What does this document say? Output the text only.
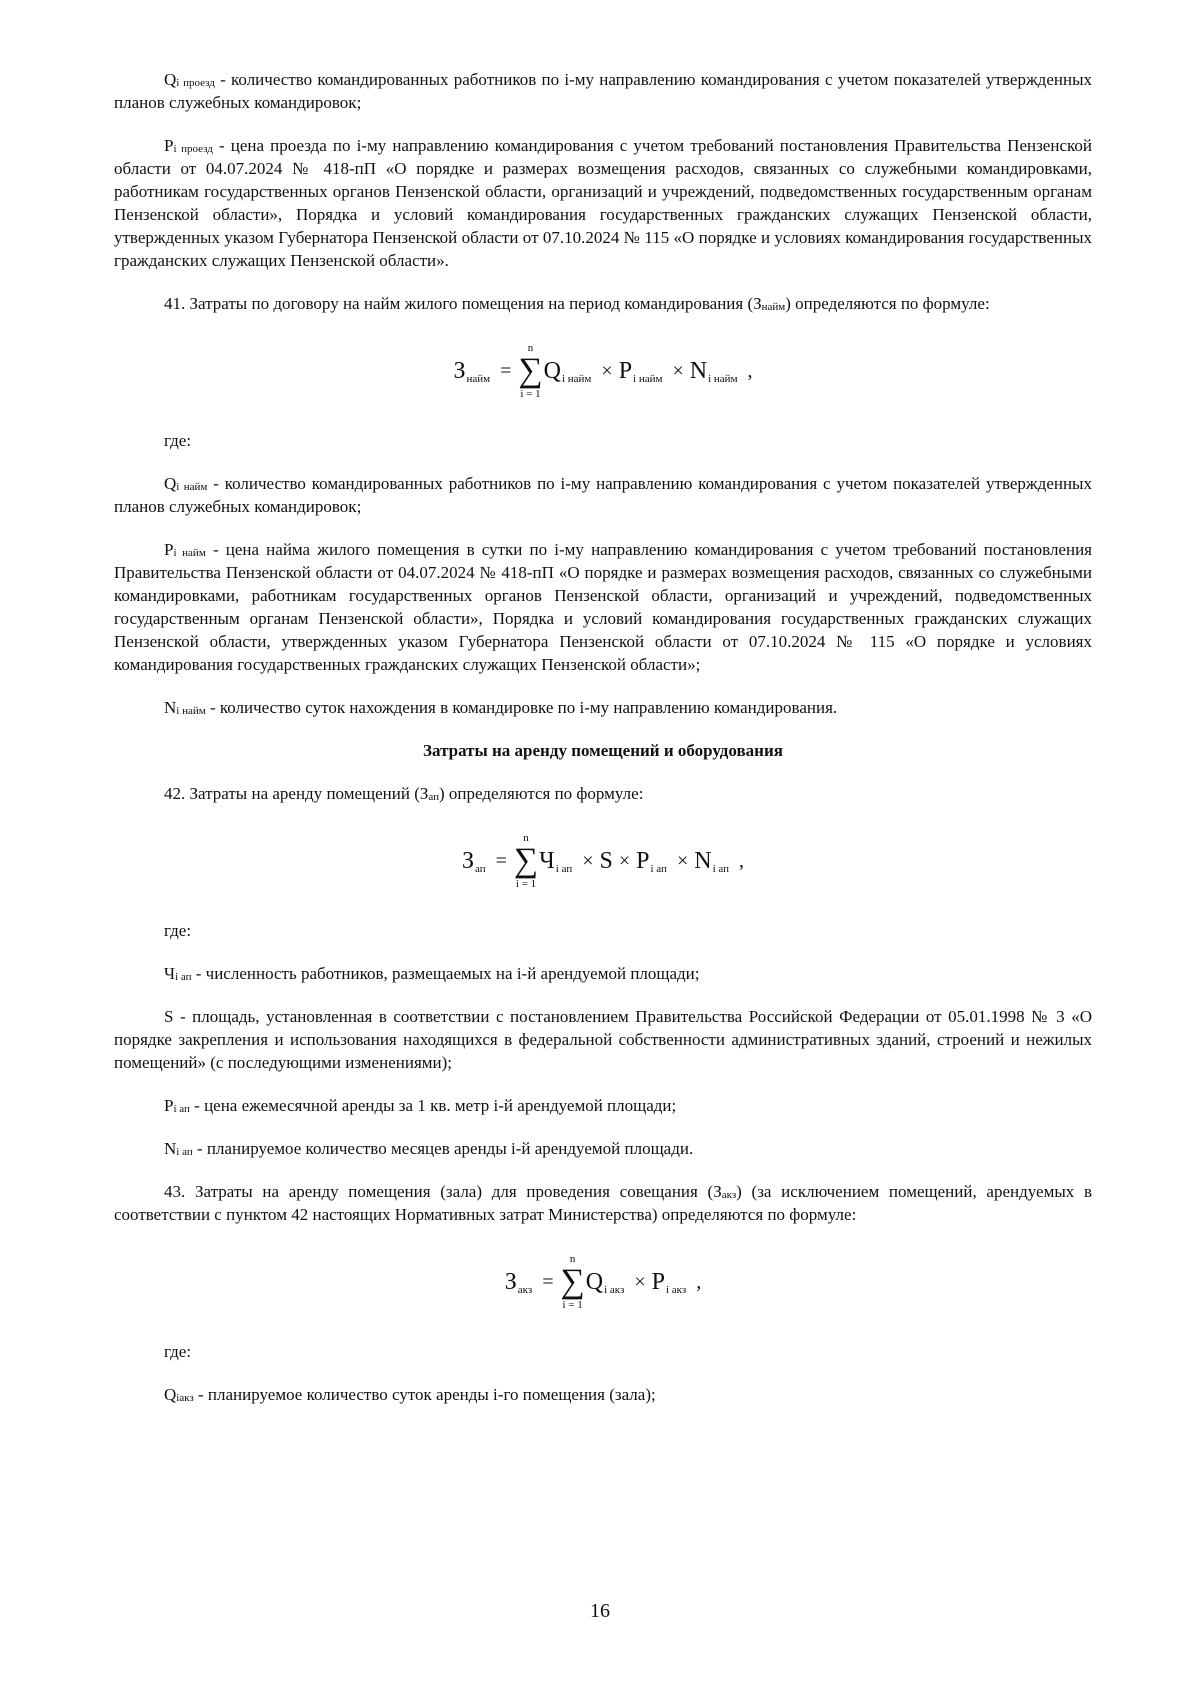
$Q_{i проезд}$ - количество командированных работников по i-му направлению командирования с учетом показателей утвержденных планов служебных командировок;

$P_{i проезд}$ - цена проезда по i-му направлению командирования с учетом требований постановления Правительства Пензенской области от 04.07.2024 № 418-пП «О порядке и размерах возмещения расходов, связанных со служебными командировками, работникам государственных органов Пензенской области, организаций и учреждений, подведомственных государственным органам Пензенской области», Порядка и условий командирования государственных гражданских служащих Пензенской области, утвержденных указом Губернатора Пензенской области от 07.10.2024 № 115 «О порядке и условиях командирования государственных гражданских служащих Пензенской области».

41. Затраты по договору на найм жилого помещения на период командирования $(З_{найм})$ определяются по формуле:

З найм =
n
∑
i = 1
Q i найм × P i найм × N i найм ,

где:

$Q_{i найм}$ - количество командированных работников по i-му направлению командирования с учетом показателей утвержденных планов служебных командировок;

$P_{i найм}$ - цена найма жилого помещения в сутки по i-му направлению командирования с учетом требований постановления Правительства Пензенской области от 04.07.2024 № 418-пП «О порядке и размерах возмещения расходов, связанных со служебными командировками, работникам государственных органов Пензенской области, организаций и учреждений, подведомственных государственным органам Пензенской области», Порядка и условий командирования государственных гражданских служащих Пензенской области, утвержденных указом Губернатора Пензенской области от 07.10.2024 № 115 «О порядке и условиях командирования государственных гражданских служащих Пензенской области»;

$N_{i найм}$ - количество суток нахождения в командировке по i-му направлению командирования.

Затраты на аренду помещений и оборудования

42. Затраты на аренду помещений $(З_{ап})$ определяются по формуле:

З ап =
n
∑
i = 1
Ч i ап × S × P i ап × N i ап ,

где:

$Ч_{i ап}$ - численность работников, размещаемых на i-й арендуемой площади;

S - площадь, установленная в соответствии с постановлением Правительства Российской Федерации от 05.01.1998 № 3 «О порядке закрепления и использования находящихся в федеральной собственности административных зданий, строений и нежилых помещений» (с последующими изменениями);

$P_{i ап}$ - цена ежемесячной аренды за 1 кв. метр i-й арендуемой площади;

$N_{i ап}$ - планируемое количество месяцев аренды i-й арендуемой площади.

43. Затраты на аренду помещения (зала) для проведения совещания $(З_{акз})$ (за исключением помещений, арендуемых в соответствии с пунктом 42 настоящих Нормативных затрат Министерства) определяются по формуле:

З акз =
n
∑
i = 1
Q i акз × P i акз ,

где:

$Q_{iакз}$ - планируемое количество суток аренды i-го помещения (зала);

16
